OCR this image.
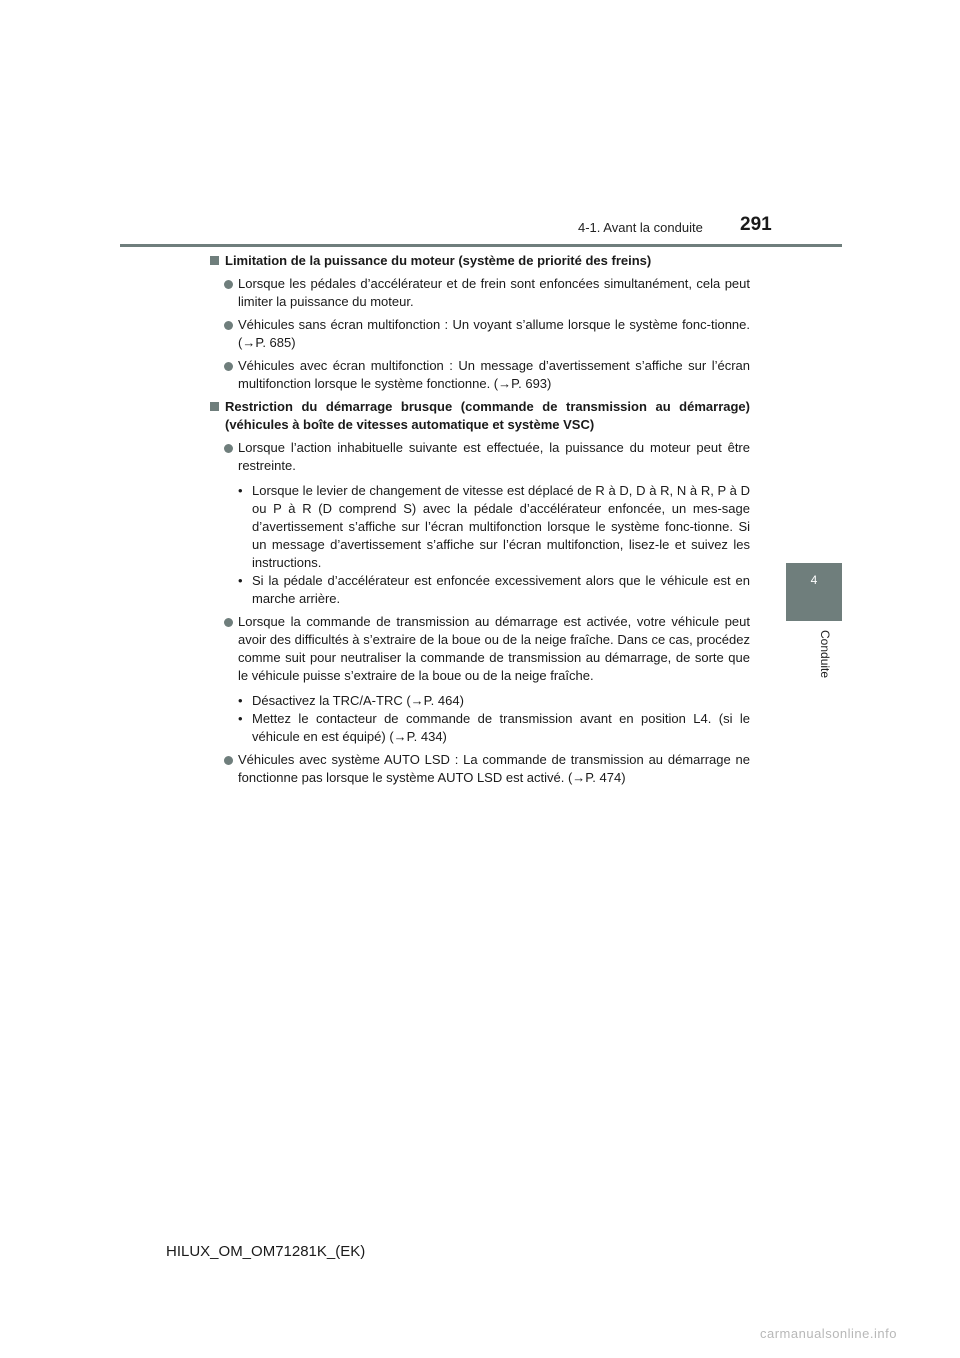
4-1. Avant la conduite 291
4
Conduite
Limitation de la puissance du moteur (système de priorité des freins)
Lorsque les pédales d’accélérateur et de frein sont enfoncées simultanément, cela peut limiter la puissance du moteur.
Véhicules sans écran multifonction : Un voyant s’allume lorsque le système fonc-tionne. (→P. 685)
Véhicules avec écran multifonction : Un message d’avertissement s’affiche sur l’écran multifonction lorsque le système fonctionne. (→P. 693)
Restriction du démarrage brusque (commande de transmission au démarrage) (véhicules à boîte de vitesses automatique et système VSC)
Lorsque l’action inhabituelle suivante est effectuée, la puissance du moteur peut être restreinte.
• Lorsque le levier de changement de vitesse est déplacé de R à D, D à R, N à R, P à D ou P à R (D comprend S) avec la pédale d’accélérateur enfoncée, un mes-sage d’avertissement s’affiche sur l’écran multifonction lorsque le système fonc-tionne. Si un message d’avertissement s’affiche sur l’écran multifonction, lisez-le et suivez les instructions.
• Si la pédale d’accélérateur est enfoncée excessivement alors que le véhicule est en marche arrière.
Lorsque la commande de transmission au démarrage est activée, votre véhicule peut avoir des difficultés à s’extraire de la boue ou de la neige fraîche. Dans ce cas, procédez comme suit pour neutraliser la commande de transmission au démarrage, de sorte que le véhicule puisse s’extraire de la boue ou de la neige fraîche.
• Désactivez la TRC/A-TRC (→P. 464)
• Mettez le contacteur de commande de transmission avant en position L4. (si le véhicule en est équipé) (→P. 434)
Véhicules avec système AUTO LSD : La commande de transmission au démarrage ne fonctionne pas lorsque le système AUTO LSD est activé. (→P. 474)
HILUX_OM_OM71281K_(EK)
carmanualsonline.info
